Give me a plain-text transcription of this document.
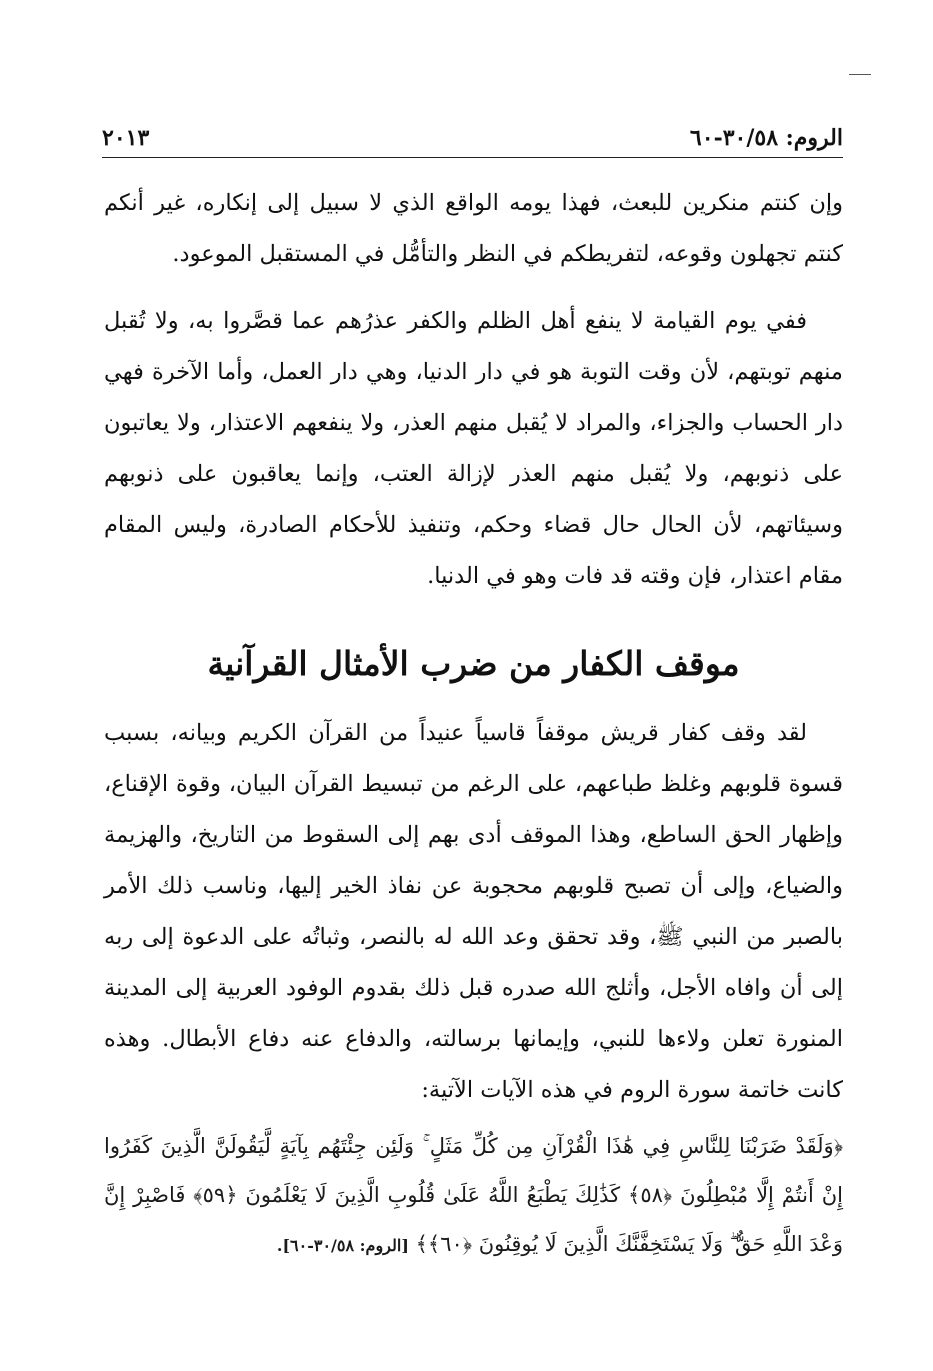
الروم: ٣٠/٥٨-٦٠
٢٠١٣

وإن كنتم منكرين للبعث، فهذا يومه الواقع الذي لا سبيل إلى إنكاره، غير أنكم كنتم تجهلون وقوعه، لتفريطكم في النظر والتأمُّل في المستقبل الموعود.

ففي يوم القيامة لا ينفع أهل الظلم والكفر عذرُهم عما قصَّروا به، ولا تُقبل منهم توبتهم، لأن وقت التوبة هو في دار الدنيا، وهي دار العمل، وأما الآخرة فهي دار الحساب والجزاء، والمراد لا يُقبل منهم العذر، ولا ينفعهم الاعتذار، ولا يعاتبون على ذنوبهم، ولا يُقبل منهم العذر لإزالة العتب، وإنما يعاقبون على ذنوبهم وسيئاتهم، لأن الحال حال قضاء وحكم، وتنفيذ للأحكام الصادرة، وليس المقام مقام اعتذار، فإن وقته قد فات وهو في الدنيا.

موقف الكفار من ضرب الأمثال القرآنية

لقد وقف كفار قريش موقفاً قاسياً عنيداً من القرآن الكريم وبيانه، بسبب قسوة قلوبهم وغلظ طباعهم، على الرغم من تبسيط القرآن البيان، وقوة الإقناع، وإظهار الحق الساطع، وهذا الموقف أدى بهم إلى السقوط من التاريخ، والهزيمة والضياع، وإلى أن تصبح قلوبهم محجوبة عن نفاذ الخير إليها، وناسب ذلك الأمر بالصبر من النبي ﷺ، وقد تحقق وعد الله له بالنصر، وثباتُه على الدعوة إلى ربه إلى أن وافاه الأجل، وأثلج الله صدره قبل ذلك بقدوم الوفود العربية إلى المدينة المنورة تعلن ولاءها للنبي، وإيمانها برسالته، والدفاع عنه دفاع الأبطال. وهذه كانت خاتمة سورة الروم في هذه الآيات الآتية:

﴿وَلَقَدْ ضَرَبْنَا لِلنَّاسِ فِي هَٰذَا الْقُرْآنِ مِن كُلِّ مَثَلٍ ۚ وَلَئِن جِئْتَهُم بِآيَةٍ لَّيَقُولَنَّ الَّذِينَ كَفَرُوا إِنْ أَنتُمْ إِلَّا مُبْطِلُونَ ﴿٥٨﴾ كَذَٰلِكَ يَطْبَعُ اللَّهُ عَلَىٰ قُلُوبِ الَّذِينَ لَا يَعْلَمُونَ ﴿٥٩﴾ فَاصْبِرْ إِنَّ وَعْدَ اللَّهِ حَقٌّ ۖ وَلَا يَسْتَخِفَّنَّكَ الَّذِينَ لَا يُوقِنُونَ ﴿٦٠﴾﴾ [الروم: ٣٠/٥٨-٦٠].
